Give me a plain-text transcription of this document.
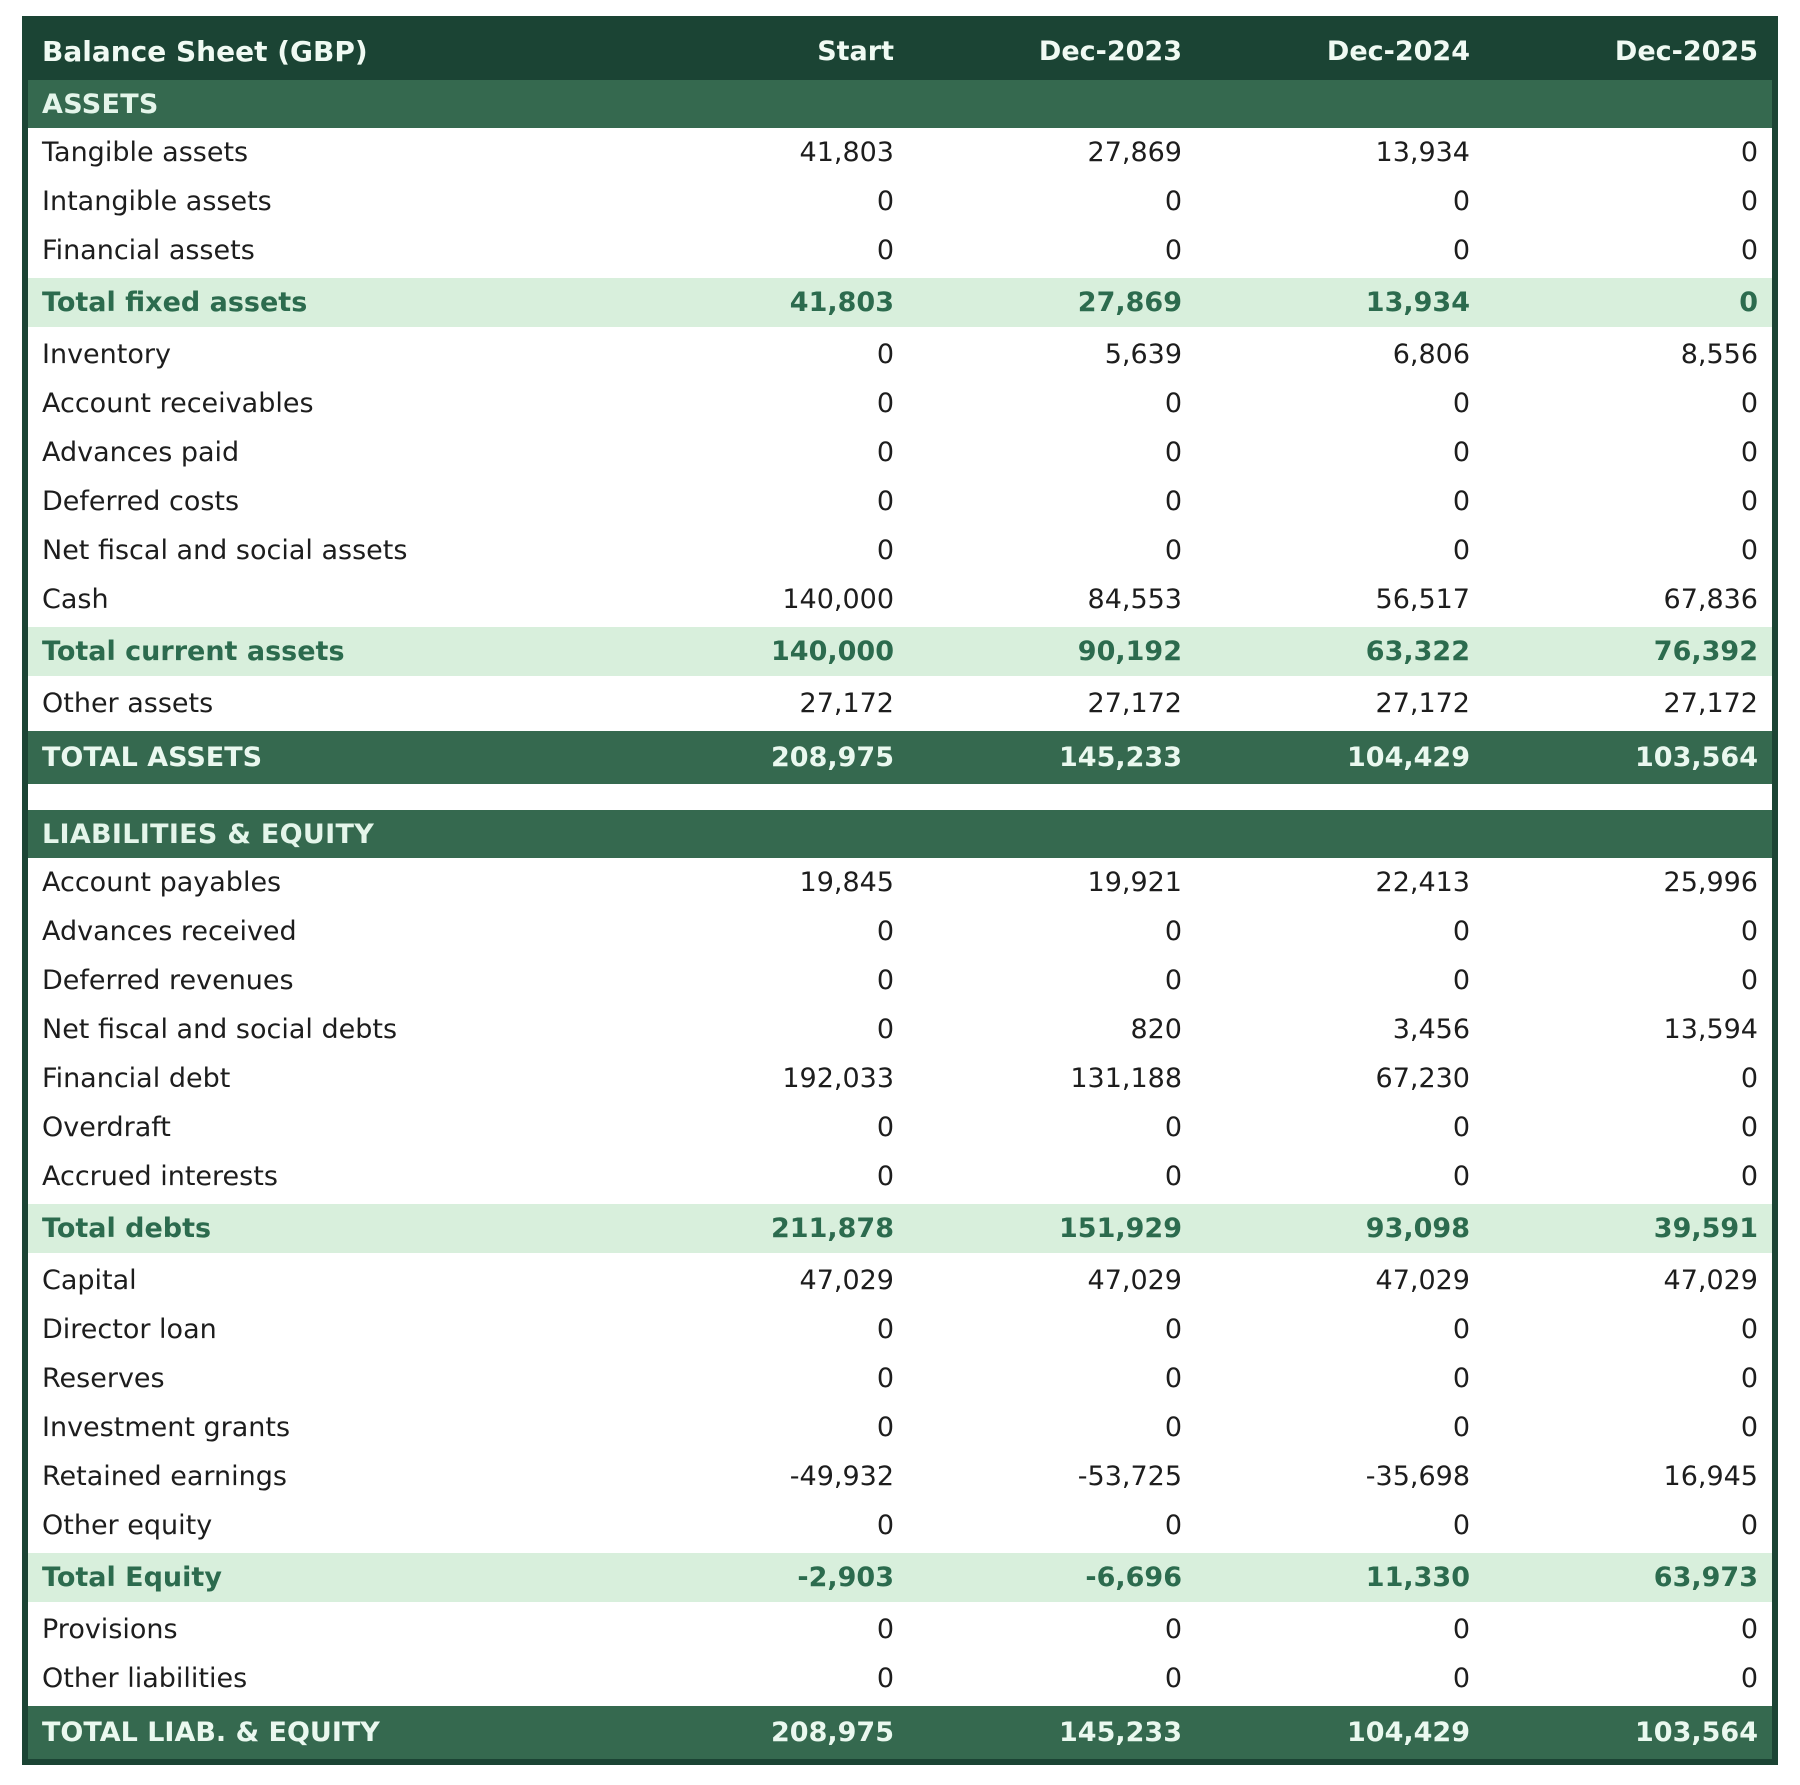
Balance Sheet (GBP)	Start	Dec-2023	Dec-2024	Dec-2025
ASSETS
Tangible assets	41,803	27,869	13,934	0
Intangible assets	0	0	0	0
Financial assets	0	0	0	0
Total fixed assets	41,803	27,869	13,934	0
Inventory	0	5,639	6,806	8,556
Account receivables	0	0	0	0
Advances paid	0	0	0	0
Deferred costs	0	0	0	0
Net fiscal and social assets	0	0	0	0
Cash	140,000	84,553	56,517	67,836
Total current assets	140,000	90,192	63,322	76,392
Other assets	27,172	27,172	27,172	27,172
TOTAL ASSETS	208,975	145,233	104,429	103,564
LIABILITIES & EQUITY
Account payables	19,845	19,921	22,413	25,996
Advances received	0	0	0	0
Deferred revenues	0	0	0	0
Net fiscal and social debts	0	820	3,456	13,594
Financial debt	192,033	131,188	67,230	0
Overdraft	0	0	0	0
Accrued interests	0	0	0	0
Total debts	211,878	151,929	93,098	39,591
Capital	47,029	47,029	47,029	47,029
Director loan	0	0	0	0
Reserves	0	0	0	0
Investment grants	0	0	0	0
Retained earnings	-49,932	-53,725	-35,698	16,945
Other equity	0	0	0	0
Total Equity	-2,903	-6,696	11,330	63,973
Provisions	0	0	0	0
Other liabilities	0	0	0	0
TOTAL LIAB. & EQUITY	208,975	145,233	104,429	103,564
